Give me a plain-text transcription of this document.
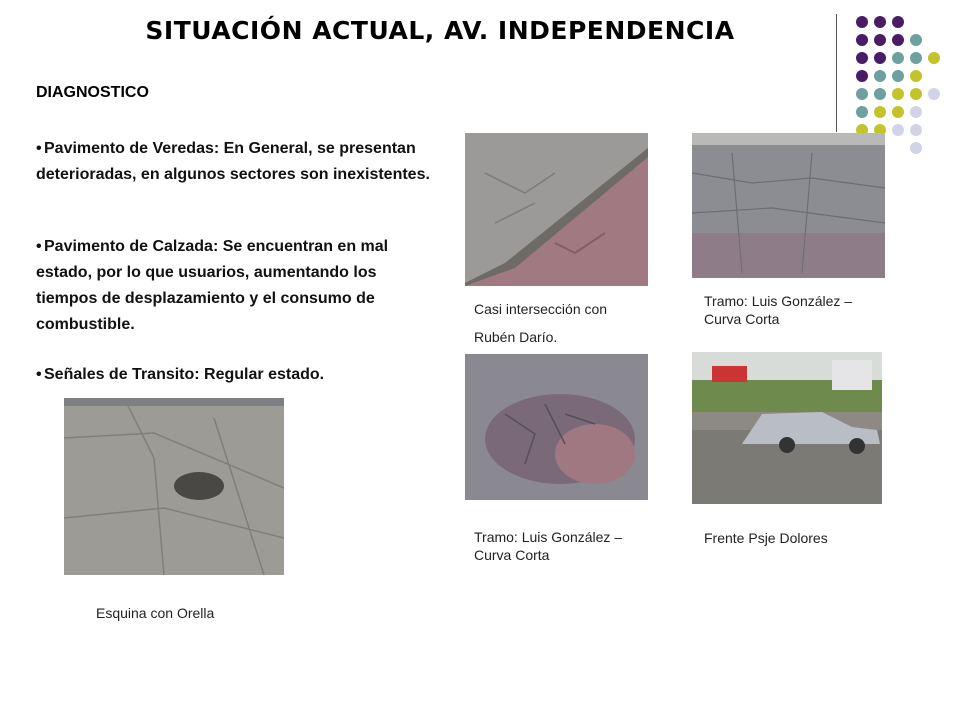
SITUACIÓN ACTUAL, AV. INDEPENDENCIA
DIAGNOSTICO
• Pavimento de Veredas: En General, se presentan deterioradas, en algunos sectores son inexistentes.
• Pavimento de Calzada: Se encuentran en mal estado, por lo que usuarios, aumentando los tiempos de desplazamiento y el consumo de combustible.
• Señales de Transito: Regular estado.
Casi intersección con
Rubén Darío.
Tramo: Luis González –
Curva Corta
Tramo: Luis González –
Curva Corta
Frente Psje Dolores
Esquina con Orella
